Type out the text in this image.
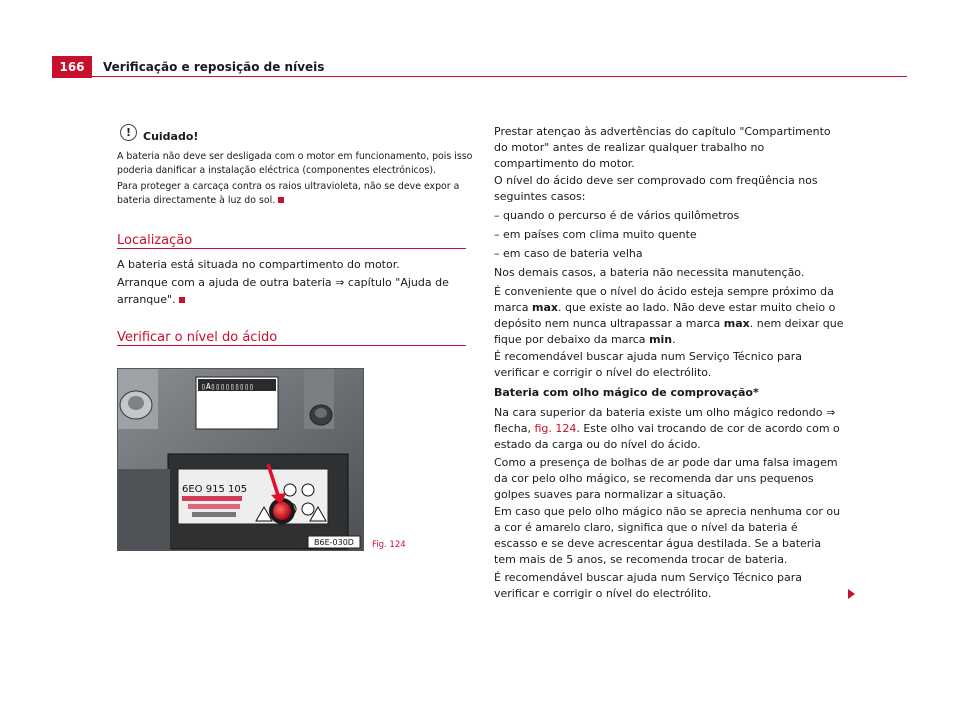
166	Verificação e reposição de níveis
!	Cuidado!
A bateria não deve ser desligada com o motor em funcionamento, pois isso poderia danificar a instalação eléctrica (componentes electrónicos).
Para proteger a carcaça contra os raios ultravioleta, não se deve expor a bateria directamente à luz do sol.
Localização
A bateria está situada no compartimento do motor.
Arranque com a ajuda de outra bateria ⇒ capítulo "Ajuda de arranque".
Verificar o nível do ácido
▯A▯▯▯▯▯▯▯▯▯
6EO 915 105
B6E-030D Fig. 124
Prestar atençao às advertências do capítulo "Compartimento do motor" antes de realizar qualquer trabalho no compartimento do motor.
O nível do ácido deve ser comprovado com freqüência nos seguintes casos:
– quando o percurso é de vários quilômetros
– em países com clima muito quente
– em caso de bateria velha
Nos demais casos, a bateria não necessita manutenção.
É conveniente que o nível do ácido esteja sempre próximo da marca max. que existe ao lado. Não deve estar muito cheio o depósito nem nunca ultrapassar a marca max. nem deixar que fique por debaixo da marca min.
É recomendável buscar ajuda num Serviço Técnico para verificar e corrigir o nível do electrólito.
Bateria com olho mágico de comprovação*
Na cara superior da bateria existe um olho mágico redondo ⇒ flecha, fig. 124. Este olho vai trocando de cor de acordo com o estado da carga ou do nível do ácido.
Como a presença de bolhas de ar pode dar uma falsa imagem da cor pelo olho mágico, se recomenda dar uns pequenos golpes suaves para normalizar a situação.
Em caso que pelo olho mágico não se aprecia nenhuma cor ou a cor é amarelo claro, significa que o nível da bateria é escasso e se deve acrescentar água destilada. Se a bateria tem mais de 5 anos, se recomenda trocar de bateria.
É recomendável buscar ajuda num Serviço Técnico para verificar e corrigir o nível do electrólito.
